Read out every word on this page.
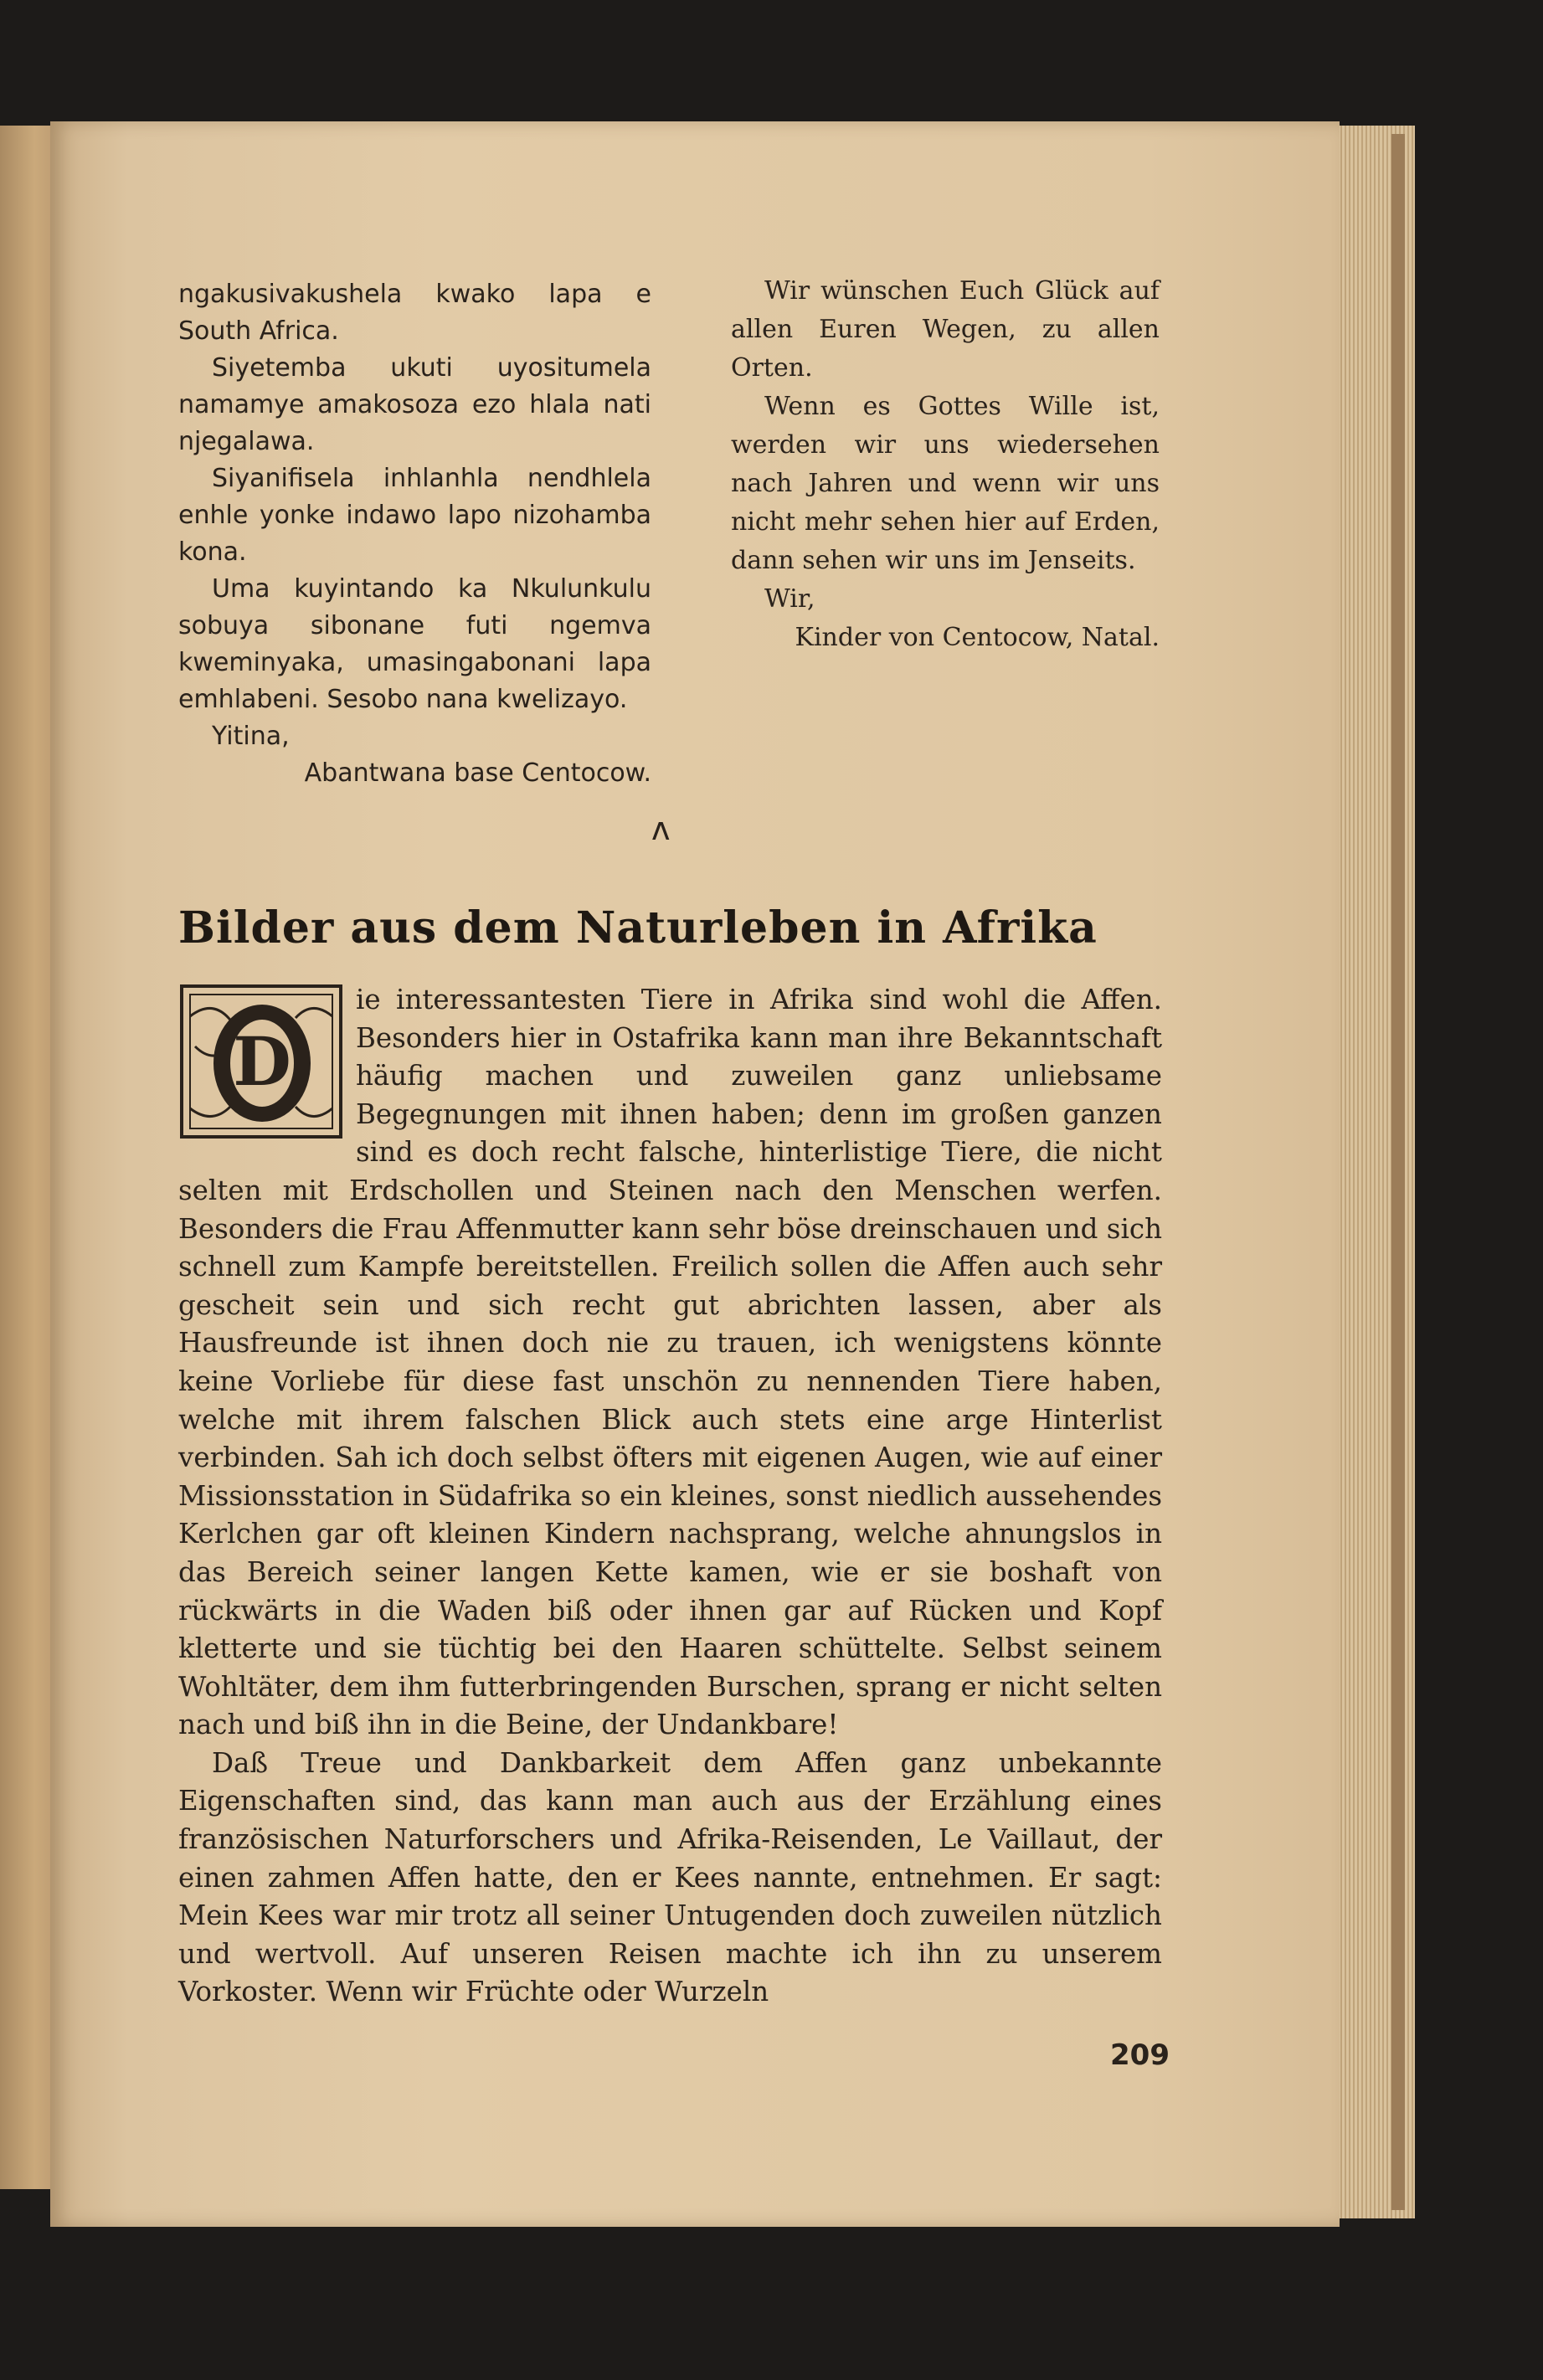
ngakusivakushela kwako lapa e South Africa.

Siyetemba ukuti uyositumela namamye amakosoza ezo hlala nati njegalawa.

Siyanifisela inhlanhla nendhlela enhle yonke indawo lapo nizohamba kona.

Uma kuyintando ka Nkulunkulu sobuya sibonane futi ngemva kweminyaka, umasingabonani lapa emhlabeni. Sesobo nana kwelizayo.

Yitina,

Abantwana base Centocow.

Wir wünschen Euch Glück auf allen Euren Wegen, zu allen Orten.

Wenn es Gottes Wille ist, werden wir uns wiedersehen nach Jahren und wenn wir uns nicht mehr sehen hier auf Erden, dann sehen wir uns im Jenseits.

Wir,

Kinder von Centocow, Natal.

ᴧ
Bilder aus dem Naturleben in Afrika

D
ie interessantesten Tiere in Afrika sind wohl die Affen. Besonders hier in Ostafrika kann man ihre Bekanntschaft häufig machen und zuweilen ganz unliebsame Begegnungen mit ihnen haben; denn im großen ganzen sind es doch recht falsche, hinterlistige Tiere, die nicht selten mit Erdschollen und Steinen nach den Menschen werfen. Besonders die Frau Affenmutter kann sehr böse dreinschauen und sich schnell zum Kampfe bereitstellen. Freilich sollen die Affen auch sehr gescheit sein und sich recht gut abrichten lassen, aber als Hausfreunde ist ihnen doch nie zu trauen, ich wenigstens könnte keine Vorliebe für diese fast unschön zu nennenden Tiere haben, welche mit ihrem falschen Blick auch stets eine arge Hinterlist verbinden. Sah ich doch selbst öfters mit eigenen Augen, wie auf einer Missionsstation in Südafrika so ein kleines, sonst niedlich aussehendes Kerlchen gar oft kleinen Kindern nachsprang, welche ahnungslos in das Bereich seiner langen Kette kamen, wie er sie boshaft von rückwärts in die Waden biß oder ihnen gar auf Rücken und Kopf kletterte und sie tüchtig bei den Haaren schüttelte. Selbst seinem Wohltäter, dem ihm futterbringenden Burschen, sprang er nicht selten nach und biß ihn in die Beine, der Undankbare!

Daß Treue und Dankbarkeit dem Affen ganz unbekannte Eigenschaften sind, das kann man auch aus der Erzählung eines französischen Naturforschers und Afrika-Reisenden, Le Vaillaut, der einen zahmen Affen hatte, den er Kees nannte, entnehmen. Er sagt: Mein Kees war mir trotz all seiner Untugenden doch zuweilen nützlich und wertvoll. Auf unseren Reisen machte ich ihn zu unserem Vorkoster. Wenn wir Früchte oder Wurzeln

209
